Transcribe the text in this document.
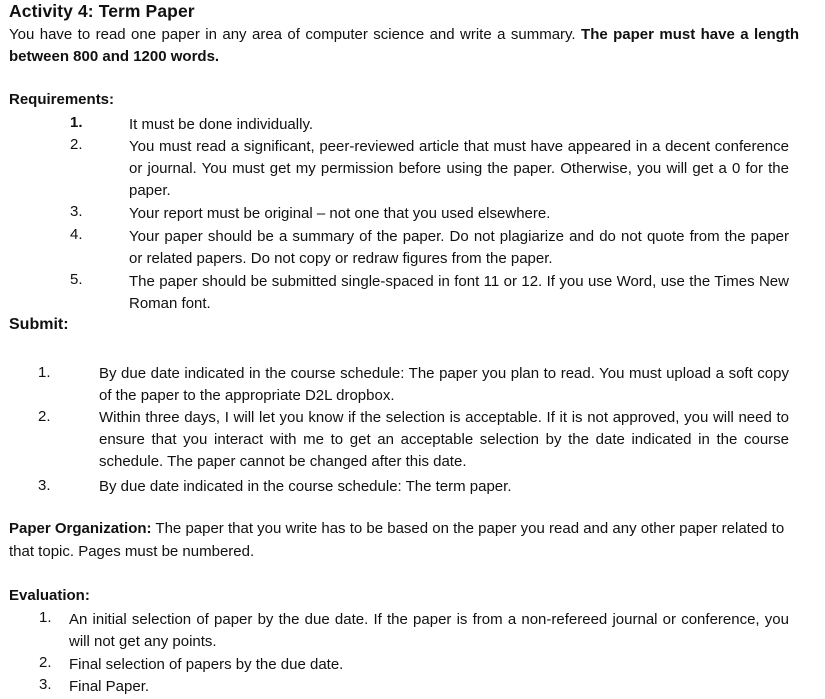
Activity 4: Term Paper
You have to read one paper in any area of computer science and write a summary. The paper must have a length between 800 and 1200 words.
Requirements:
1.	It must be done individually.
2.	You must read a significant, peer-reviewed article that must have appeared in a decent conference or journal. You must get my permission before using the paper. Otherwise, you will get a 0 for the paper.
3.	Your report must be original – not one that you used elsewhere.
4.	Your paper should be a summary of the paper. Do not plagiarize and do not quote from the paper or related papers. Do not copy or redraw figures from the paper.
5.	The paper should be submitted single-spaced in font 11 or 12. If you use Word, use the Times New Roman font.
Submit:
1.	By due date indicated in the course schedule: The paper you plan to read. You must upload a soft copy of the paper to the appropriate D2L dropbox.
2.	Within three days, I will let you know if the selection is acceptable. If it is not approved, you will need to ensure that you interact with me to get an acceptable selection by the date indicated in the course schedule. The paper cannot be changed after this date.
3.	By due date indicated in the course schedule: The term paper.
Paper Organization: The paper that you write has to be based on the paper you read and any other paper related to that topic. Pages must be numbered.
Evaluation:
1. An initial selection of paper by the due date. If the paper is from a non-refereed journal or conference, you will not get any points.
2. Final selection of papers by the due date.
3. Final Paper.
